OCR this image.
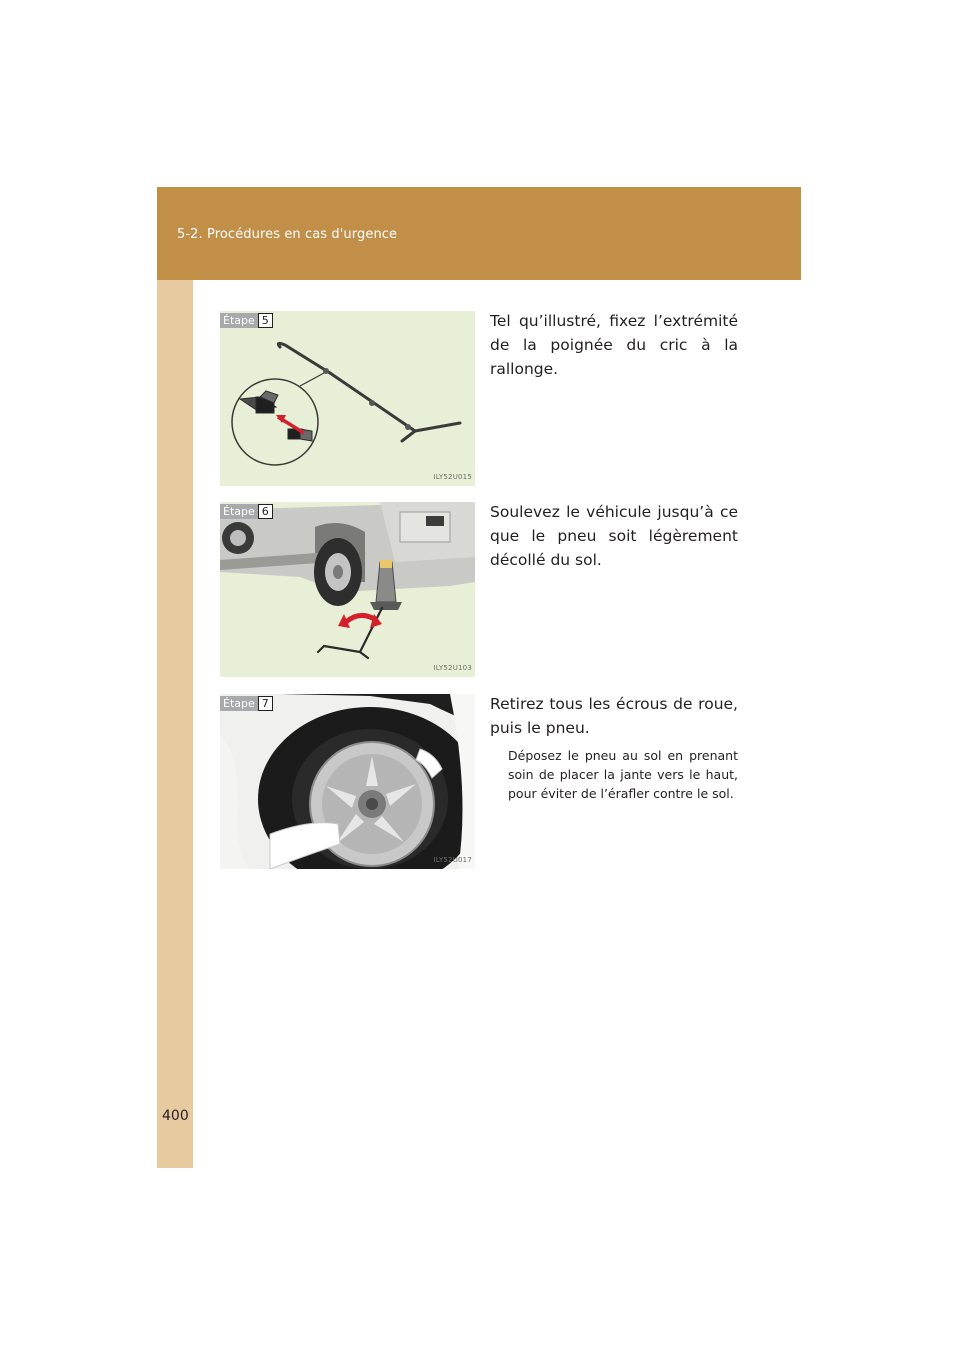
5-2. Procédures en cas d'urgence
400
Étape 5
ILY52U015
Tel qu’illustré, fixez l’extrémité de la poignée du cric à la rallonge.
Étape 6
ILY52U103
Soulevez le véhicule jusqu’à ce que le pneu soit légèrement décollé du sol.
Étape 7
ILY52U017
Retirez tous les écrous de roue, puis le pneu.
Déposez le pneu au sol en prenant soin de placer la jante vers le haut, pour éviter de l’érafler contre le sol.
